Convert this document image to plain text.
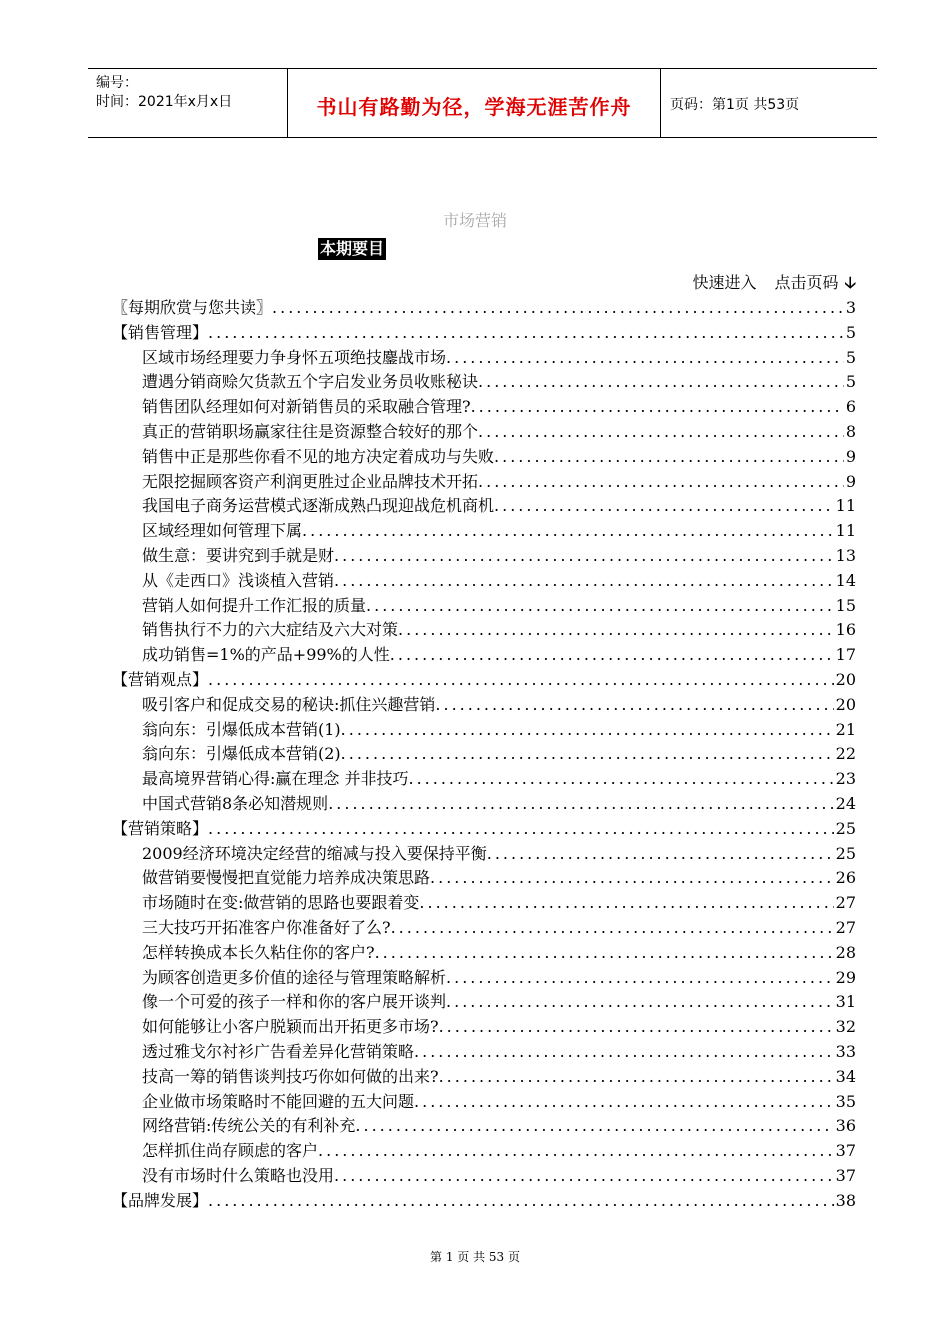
编号：
时间：2021年x月x日	书山有路勤为径，学海无涯苦作舟	页码：第1页 共53页
市场营销
本期要目
快速进入 点击页码 🡣
〖每期欣赏与您共读〗 .....	3
【销售管理】 .....	5
区域市场经理要力争身怀五项绝技鏖战市场 .....	5
遭遇分销商赊欠货款五个字启发业务员收账秘诀 .....	5
销售团队经理如何对新销售员的采取融合管理? .....	6
真正的营销职场赢家往往是资源整合较好的那个 .....	8
销售中正是那些你看不见的地方决定着成功与失败 .....	9
无限挖掘顾客资产利润更胜过企业品牌技术开拓 .....	9
我国电子商务运营模式逐渐成熟凸现迎战危机商机 .....	11
区域经理如何管理下属 .....	11
做生意：要讲究到手就是财 .....	13
从《走西口》浅谈植入营销 .....	14
营销人如何提升工作汇报的质量 .....	15
销售执行不力的六大症结及六大对策 .....	16
成功销售=1%的产品+99%的人性 .....	17
【营销观点】 .....	20
吸引客户和促成交易的秘诀:抓住兴趣营销 .....	20
翁向东：引爆低成本营销(1) .....	21
翁向东：引爆低成本营销(2) .....	22
最高境界营销心得:赢在理念 并非技巧 .....	23
中国式营销8条必知潜规则 .....	24
【营销策略】 .....	25
2009经济环境决定经营的缩减与投入要保持平衡 .....	25
做营销要慢慢把直觉能力培养成决策思路 .....	26
市场随时在变:做营销的思路也要跟着变 .....	27
三大技巧开拓准客户你准备好了么? .....	27
怎样转换成本长久粘住你的客户? .....	28
为顾客创造更多价值的途径与管理策略解析 .....	29
像一个可爱的孩子一样和你的客户展开谈判 .....	31
如何能够让小客户脱颖而出开拓更多市场? .....	32
透过雅戈尔衬衫广告看差异化营销策略 .....	33
技高一筹的销售谈判技巧你如何做的出来? .....	34
企业做市场策略时不能回避的五大问题 .....	35
网络营销:传统公关的有利补充 .....	36
怎样抓住尚存顾虑的客户 .....	37
没有市场时什么策略也没用 .....	37
【品牌发展】 .....	38
第 1 页 共 53 页
